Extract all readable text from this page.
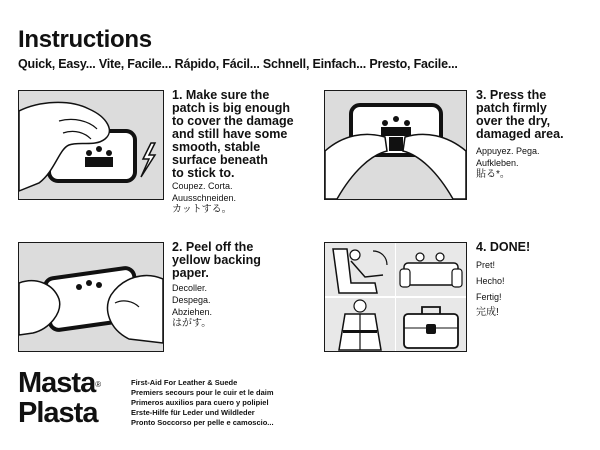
Instructions
Quick, Easy... Vite, Facile... Rápido, Fácil... Schnell, Einfach... Presto, Facile...
1. Make sure the
patch is big enough
to cover the damage
and still have some
smooth, stable
surface beneath
to stick to.
Coupez. Corta.
Auusschneiden.
カットする。
3. Press the
patch firmly
over the dry,
damaged area.
Appuyez. Pega.
Aufkleben.
貼る*。
2. Peel off the
yellow backing
paper.
Decoller.
Despega.
Abziehen.
はがす。
4. DONE!
Pret!
Hecho!
Fertig!
完成!
Masta®
Plasta
First-Aid For Leather & Suede
Premiers secours pour le cuir et le daim
Primeros auxilios para cuero y polipiel
Erste-Hilfe für Leder und Wildleder
Pronto Soccorso per pelle e camoscio...
